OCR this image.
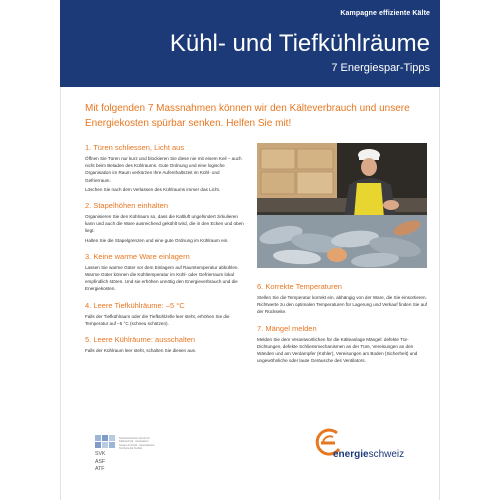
Kampagne effiziente Kälte
Kühl- und Tiefkühlräume
7 Energiespar-Tipps
Mit folgenden 7 Massnahmen können wir den Kälteverbrauch und unsere Energiekosten spürbar senken. Helfen Sie mit!
1. Türen schliessen, Licht aus

Öffnen Sie Türen nur kurz und blockieren Sie diese nie mit einem Keil – auch nicht beim Beladen des Kühlraums. Gute Ordnung und eine logische Organisation im Raum verkürzen Ihre Aufenthaltszeit im Kühl- und Gefrierraum.

Löschen Sie nach dem Verlassen des Kühlraums immer das Licht.

2. Stapelhöhen einhalten

Organisieren Sie den Kühlraum so, dass die Kaltluft ungehindert zirkulieren kann und auch die Ware ausreichend gekühlt wird, die in den Ecken und oben liegt.

Halten Sie die Stapelgrenzen und eine gute Ordnung im Kühlraum ein.

3. Keine warme Ware einlagern

Lassen Sie warme Güter vor dem Einlagern auf Raumtemperatur abkühlen. Warme Güter können die Kühltemperatur im Kühl- oder Gefrierraum lokal empfindlich stören. Und sie erhöhen unnötig den Energieverbrauch und die Energiekosten.

4. Leere Tiefkühlräume: –5 °C

Falls der Tiefkühlraum oder die Tiefkühlzelle leer steht, erhöhen Sie die Temperatur auf –5 °C (schneu schützen).

5. Leere Kühlräume: ausschalten

Falls der Kühlraum leer steht, schalten Sie diesen aus.

6. Korrekte Temperaturen

Stellen Sie die Temperatur korrekt ein, abhängig von der Ware, die Sie einsortieren. Richtwerte zu den optimalen Temperaturen für Lagerung und Verkauf finden Sie auf der Rückseite.

7. Mängel melden

Melden Sie dem Verantwortlichen für die Kälteanlage Mängel: defekte Tür-Dichtungen, defekte Schliessmechanismen an der Türe, Vereisungen an den Wänden und am Verdampfer (Kühler), Vereisungen am Boden (Sicherheit) und ungewöhnliche oder laute Geräusche des Ventilators.

Schweizerischer Verein für Kältetechnik · Association Suisse du Froid · Associazione Svizzera del Freddo
SVK
ASF
ATF
energieschweiz
